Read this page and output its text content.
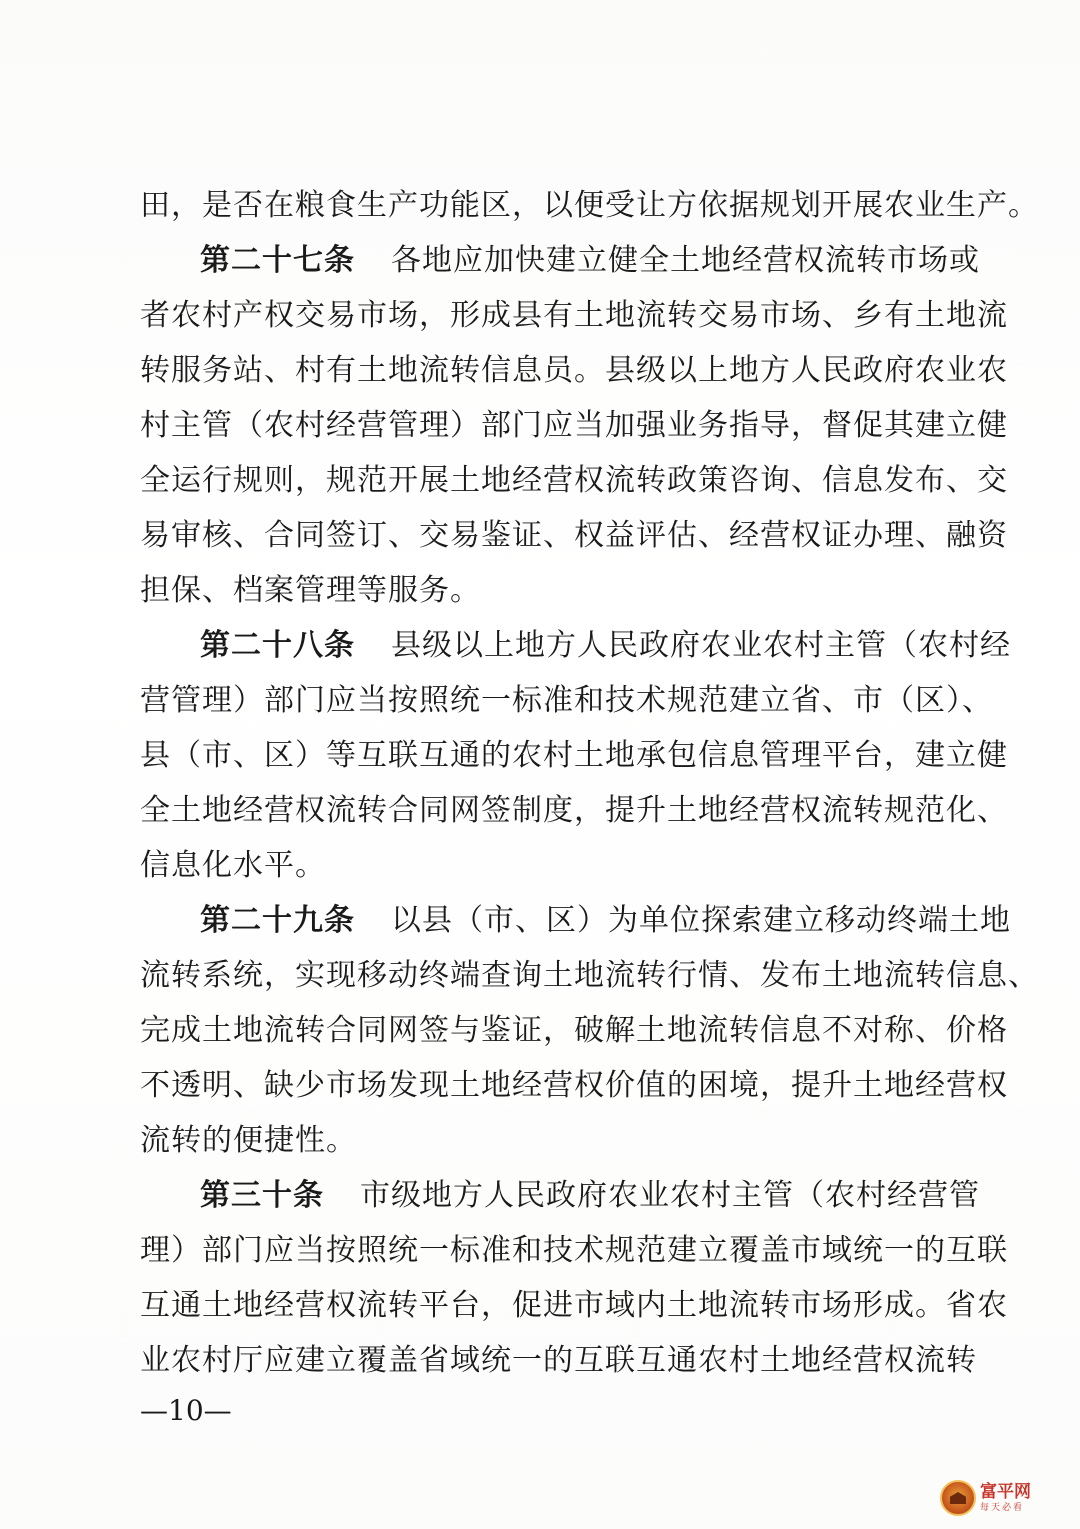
田，是否在粮食生产功能区，以便受让方依据规划开展农业生产。
第二十七条 各地应加快建立健全土地经营权流转市场或
者农村产权交易市场，形成县有土地流转交易市场、乡有土地流
转服务站、村有土地流转信息员。县级以上地方人民政府农业农
村主管（农村经营管理）部门应当加强业务指导，督促其建立健
全运行规则，规范开展土地经营权流转政策咨询、信息发布、交
易审核、合同签订、交易鉴证、权益评估、经营权证办理、融资
担保、档案管理等服务。
第二十八条 县级以上地方人民政府农业农村主管（农村经
营管理）部门应当按照统一标准和技术规范建立省、市（区）、
县（市、区）等互联互通的农村土地承包信息管理平台，建立健
全土地经营权流转合同网签制度，提升土地经营权流转规范化、
信息化水平。
第二十九条 以县（市、区）为单位探索建立移动终端土地
流转系统，实现移动终端查询土地流转行情、发布土地流转信息、
完成土地流转合同网签与鉴证，破解土地流转信息不对称、价格
不透明、缺少市场发现土地经营权价值的困境，提升土地经营权
流转的便捷性。
第三十条 市级地方人民政府农业农村主管（农村经营管
理）部门应当按照统一标准和技术规范建立覆盖市域统一的互联
互通土地经营权流转平台，促进市域内土地流转市场形成。省农
业农村厅应建立覆盖省域统一的互联互通农村土地经营权流转
—10—
富平网
每天必看
